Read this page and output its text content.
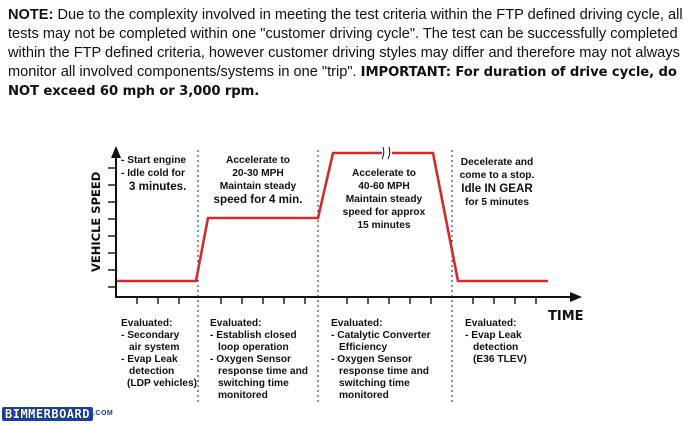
NOTE: Due to the complexity involved in meeting the test criteria within the FTP defined driving cycle, all tests may not be completed within one "customer driving cycle". The test can be successfully completed within the FTP defined criteria, however customer driving styles may differ and therefore may not always monitor all involved components/systems in one "trip". IMPORTANT: For duration of drive cycle, do NOT exceed 60 mph or 3,000 rpm.
VEHICLE SPEED
TIME
- Start engine
- Idle cold for
3 minutes.
Accelerate to
20-30 MPH
Maintain steady
speed for 4 min.
Accelerate to
40-60 MPH
Maintain steady
speed for approx
15 minutes
Decelerate and
come to a stop.
Idle IN GEAR
for 5 minutes
Evaluated:
- Secondary
air system
- Evap Leak
detection
(LDP vehicles)
Evaluated:
- Establish closed
loop operation
- Oxygen Sensor
response time and
switching time
monitored
Evaluated:
- Catalytic Converter
Efficiency
- Oxygen Sensor
response time and
switching time
monitored
Evaluated:
- Evap Leak
detection
(E36 TLEV)
BIMMERBOARD $^{.COM}$
